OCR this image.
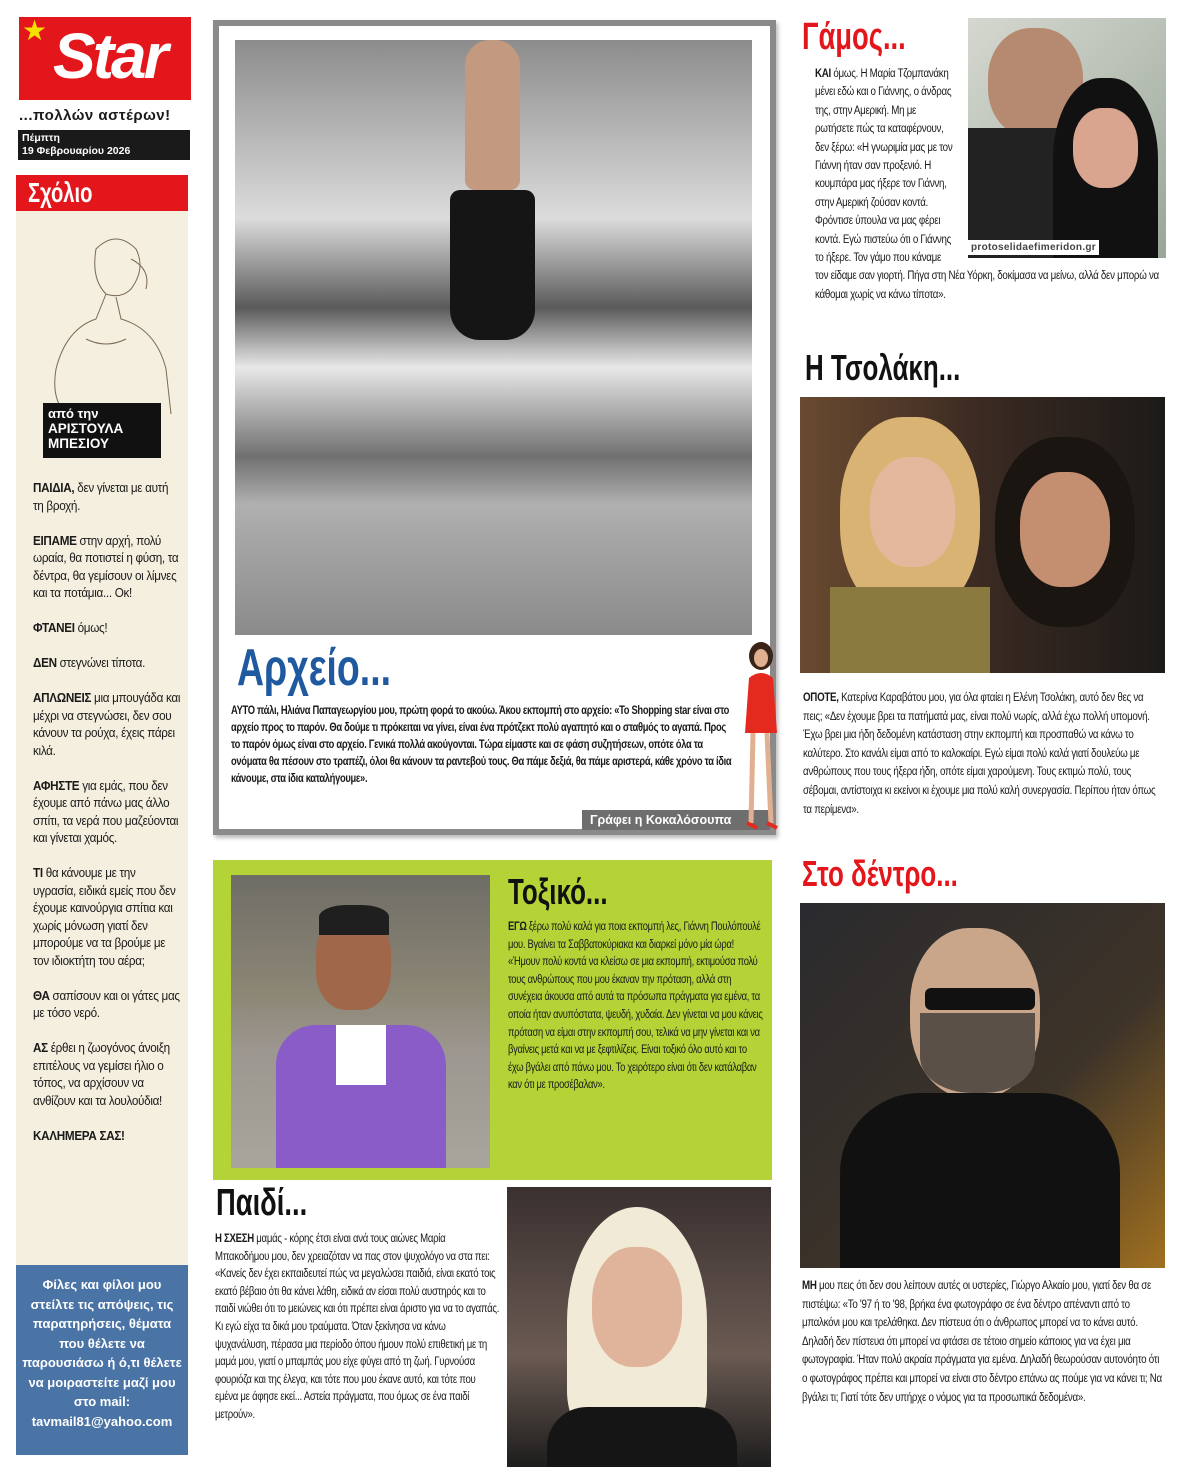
★ Star
...πολλών αστέρων!
Πέμπτη
19 Φεβρουαρίου 2026
Σχόλιο
από την
ΑΡΙΣΤΟΥΛΑ ΜΠΕΣΙΟΥ

ΠΑΙΔΙΑ, δεν γίνεται με αυτή τη βροχή.

ΕΙΠΑΜΕ στην αρχή, πολύ ωραία, θα ποτιστεί η φύση, τα δέντρα, θα γεμίσουν οι λίμνες και τα ποτάμια... Οκ!

ΦΤΑΝΕΙ όμως!

ΔΕΝ στεγνώνει τίποτα.

ΑΠΛΩΝΕΙΣ μια μπουγάδα και μέχρι να στεγνώσει, δεν σου κάνουν τα ρούχα, έχεις πάρει κιλά.

ΑΦΗΣΤΕ για εμάς, που δεν έχουμε από πάνω μας άλλο σπίτι, τα νερά που μαζεύονται και γίνεται χαμός.

ΤΙ θα κάνουμε με την υγρασία, ειδικά εμείς που δεν έχουμε καινούργια σπίτια και χωρίς μόνωση γιατί δεν μπορούμε να τα βρούμε με τον ιδιοκτήτη του αέρα;

ΘΑ σαπίσουν και οι γάτες μας με τόσο νερό.

ΑΣ έρθει η ζωογόνος άνοιξη επιτέλους να γεμίσει ήλιο ο τόπος, να αρχίσουν να ανθίζουν και τα λουλούδια!

ΚΑΛΗΜΕΡΑ ΣΑΣ!

Φίλες και φίλοι μου στείλτε τις απόψεις, τις παρατηρήσεις, θέματα που θέλετε να παρουσιάσω ή ό,τι θέλετε να μοιραστείτε μαζί μου στο mail:
tavmail81@yahoo.com
Αρχείο...
ΑΥΤΟ πάλι, Ηλιάνα Παπαγεωργίου μου, πρώτη φορά το ακούω. Άκου εκπομπή στο αρχείο: «Το Shopping star είναι στο αρχείο προς το παρόν. Θα δούμε τι πρόκειται να γίνει, είναι ένα πρότζεκτ πολύ αγαπητό και ο σταθμός το αγαπά. Προς το παρόν όμως είναι στο αρχείο. Γενικά πολλά ακούγονται. Τώρα είμαστε και σε φάση συζητήσεων, οπότε όλα τα ονόματα θα πέσουν στο τραπέζι, όλοι θα κάνουν τα ραντεβού τους. Θα πάμε δεξιά, θα πάμε αριστερά, κάθε χρόνο τα ίδια κάνουμε, στα ίδια καταλήγουμε».
Γράφει η Κοκαλόσουπα
Τοξικό...
ΕΓΩ ξέρω πολύ καλά για ποια εκπομπή λες, Γιάννη Πουλόπουλέ μου. Βγαίνει τα Σαββατοκύριακα και διαρκεί μόνο μία ώρα! «Ήμουν πολύ κοντά να κλείσω σε μια εκπομπή, εκτιμούσα πολύ τους ανθρώπους που μου έκαναν την πρόταση, αλλά στη συνέχεια άκουσα από αυτά τα πρόσωπα πράγματα για εμένα, τα οποία ήταν ανυπόστατα, ψευδή, χυδαία. Δεν γίνεται να μου κάνεις πρόταση να είμαι στην εκπομπή σου, τελικά να μην γίνεται και να βγαίνεις μετά και να με ξεφτιλίζεις. Είναι τοξικό όλο αυτό και το έχω βγάλει από πάνω μου. Το χειρότερο είναι ότι δεν κατάλαβαν καν ότι με προσέβαλαν».
Παιδί...
Η ΣΧΕΣΗ μαμάς - κόρης έτσι είναι ανά τους αιώνες Μαρία Μπακοδήμου μου, δεν χρειαζόταν να πας στον ψυχολόγο να στα πει: «Κανείς δεν έχει εκπαιδευτεί πώς να μεγαλώσει παιδιά, είναι εκατό τοις εκατό βέβαιο ότι θα κάνει λάθη, ειδικά αν είσαι πολύ αυστηρός και το παιδί νιώθει ότι το μειώνεις και ότι πρέπει είναι άριστο για να το αγαπάς. Κι εγώ είχα τα δικά μου τραύματα. Όταν ξεκίνησα να κάνω ψυχανάλυση, πέρασα μια περίοδο όπου ήμουν πολύ επιθετική με τη μαμά μου, γιατί ο μπαμπάς μου είχε φύγει από τη ζωή. Γυρνούσα φουριόζα και της έλεγα, και τότε που μου έκανε αυτό, και τότε που εμένα με άφησε εκεί... Αστεία πράγματα, που όμως σε ένα παιδί μετρούν».
Γάμος...
protoselidaefimeridon.gr
ΚΑΙ όμως. Η Μαρία Τζομπανάκη μένει εδώ και ο Γιάννης, ο άνδρας της, στην Αμερική. Μη με ρωτήσετε πώς τα καταφέρνουν, δεν ξέρω: «Η γνωριμία μας με τον Γιάννη ήταν σαν προξενιό. Η κουμπάρα μας ήξερε τον Γιάννη, στην Αμερική ζούσαν κοντά. Φρόντισε ύπουλα να μας φέρει κοντά. Εγώ πιστεύω ότι ο Γιάννης το ήξερε. Τον γάμο που κάναμε τον είδαμε σαν γιορτή. Πήγα στη Νέα Υόρκη, δοκίμασα να μείνω, αλλά δεν μπορώ να κάθομαι χωρίς να κάνω τίποτα».
Η Τσολάκη...
ΟΠΟΤΕ, Κατερίνα Καραβάτου μου, για όλα φταίει η Ελένη Τσολάκη, αυτό δεν θες να πεις; «Δεν έχουμε βρει τα πατήματά μας, είναι πολύ νωρίς, αλλά έχω πολλή υπομονή. Έχω βρει μια ήδη δεδομένη κατάσταση στην εκπομπή και προσπαθώ να κάνω το καλύτερο. Στο κανάλι είμαι από το καλοκαίρι. Εγώ είμαι πολύ καλά γιατί δουλεύω με ανθρώπους που τους ήξερα ήδη, οπότε είμαι χαρούμενη. Τους εκτιμώ πολύ, τους σέβομαι, αντίστοιχα κι εκείνοι κι έχουμε μια πολύ καλή συνεργασία. Περίπου ήταν όπως τα περίμενα».
Στο δέντρο...
ΜΗ μου πεις ότι δεν σου λείπουν αυτές οι υστερίες, Γιώργο Αλκαίο μου, γιατί δεν θα σε πιστέψω: «Το '97 ή το '98, βρήκα ένα φωτογράφο σε ένα δέντρο απέναντι από το μπαλκόνι μου και τρελάθηκα. Δεν πίστευα ότι ο άνθρωπος μπορεί να το κάνει αυτό. Δηλαδή δεν πίστευα ότι μπορεί να φτάσει σε τέτοιο σημείο κάποιος για να έχει μια φωτογραφία. Ήταν πολύ ακραία πράγματα για εμένα. Δηλαδή θεωρούσαν αυτονόητο ότι ο φωτογράφος πρέπει και μπορεί να είναι στο δέντρο επάνω ας πούμε για να κάνει τι; Να βγάλει τι; Γιατί τότε δεν υπήρχε ο νόμος για τα προσωπικά δεδομένα».
